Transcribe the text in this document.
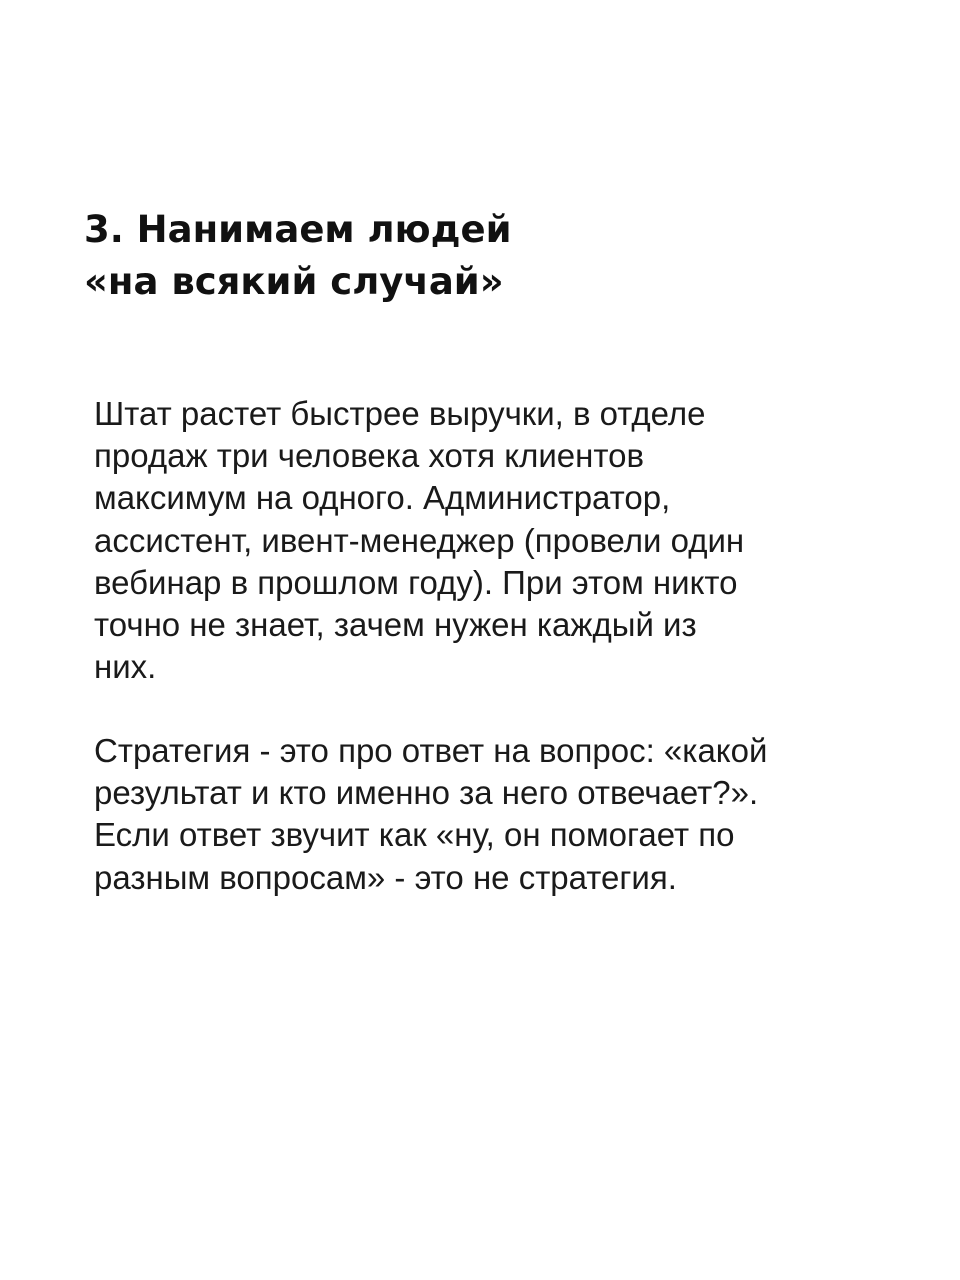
3. Нанимаем людей
«на всякий случай»

Штат растет быстрее выручки, в отделе
продаж три человека хотя клиентов
максимум на одного. Администратор,
ассистент, ивент-менеджер (провели один
вебинар в прошлом году). При этом никто
точно не знает, зачем нужен каждый из
них.

Стратегия - это про ответ на вопрос: «какой
результат и кто именно за него отвечает?».
Если ответ звучит как «ну, он помогает по
разным вопросам» - это не стратегия.
